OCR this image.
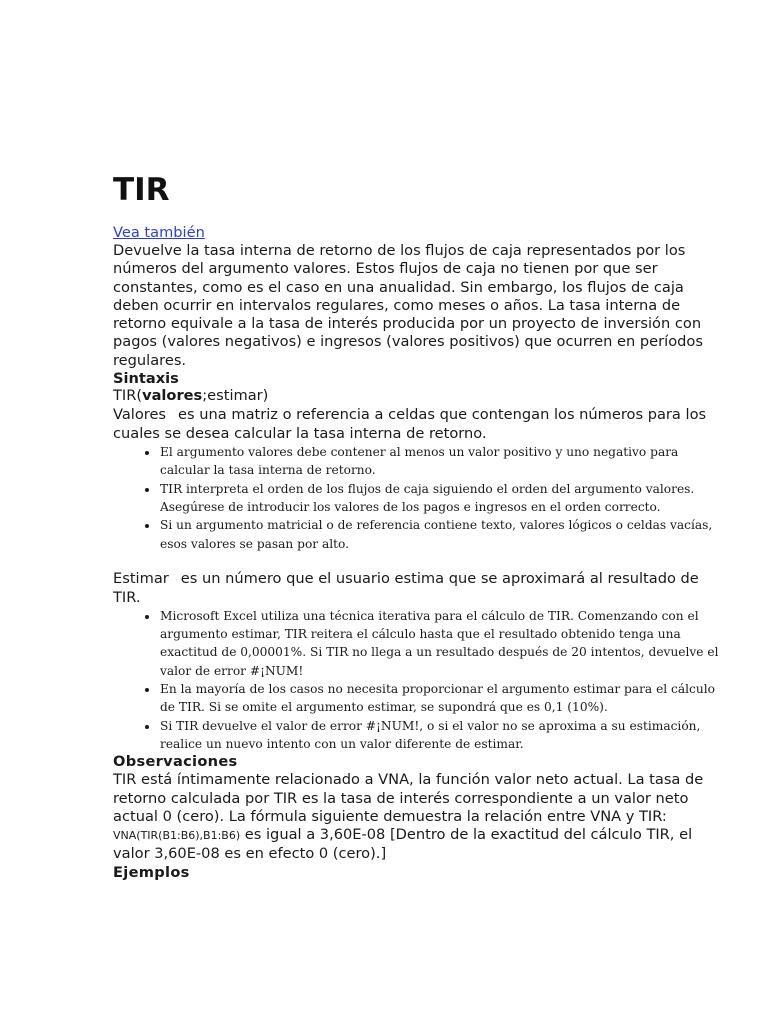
TIR
Vea también

Devuelve la tasa interna de retorno de los flujos de caja representados por los números del argumento valores. Estos flujos de caja no tienen por que ser constantes, como es el caso en una anualidad. Sin embargo, los flujos de caja deben ocurrir en intervalos regulares, como meses o años. La tasa interna de retorno equivale a la tasa de interés producida por un proyecto de inversión con pagos (valores negativos) e ingresos (valores positivos) que ocurren en períodos regulares.

Sintaxis

TIR(valores;estimar)

Valores es una matriz o referencia a celdas que contengan los números para los cuales se desea calcular la tasa interna de retorno.

• El argumento valores debe contener al menos un valor positivo y uno negativo para calcular la tasa interna de retorno.
• TIR interpreta el orden de los flujos de caja siguiendo el orden del argumento valores. Asegúrese de introducir los valores de los pagos e ingresos en el orden correcto.
• Si un argumento matricial o de referencia contiene texto, valores lógicos o celdas vacías, esos valores se pasan por alto.

Estimar es un número que el usuario estima que se aproximará al resultado de TIR.

• Microsoft Excel utiliza una técnica iterativa para el cálculo de TIR. Comenzando con el argumento estimar, TIR reitera el cálculo hasta que el resultado obtenido tenga una exactitud de 0,00001%. Si TIR no llega a un resultado después de 20 intentos, devuelve el valor de error #¡NUM!
• En la mayoría de los casos no necesita proporcionar el argumento estimar para el cálculo de TIR. Si se omite el argumento estimar, se supondrá que es 0,1 (10%).
• Si TIR devuelve el valor de error #¡NUM!, o si el valor no se aproxima a su estimación, realice un nuevo intento con un valor diferente de estimar.

Observaciones

TIR está íntimamente relacionado a VNA, la función valor neto actual. La tasa de retorno calculada por TIR es la tasa de interés correspondiente a un valor neto actual 0 (cero). La fórmula siguiente demuestra la relación entre VNA y TIR:

VNA(TIR(B1:B6),B1:B6) es igual a 3,60E-08 [Dentro de la exactitud del cálculo TIR, el valor 3,60E-08 es en efecto 0 (cero).]

Ejemplos
